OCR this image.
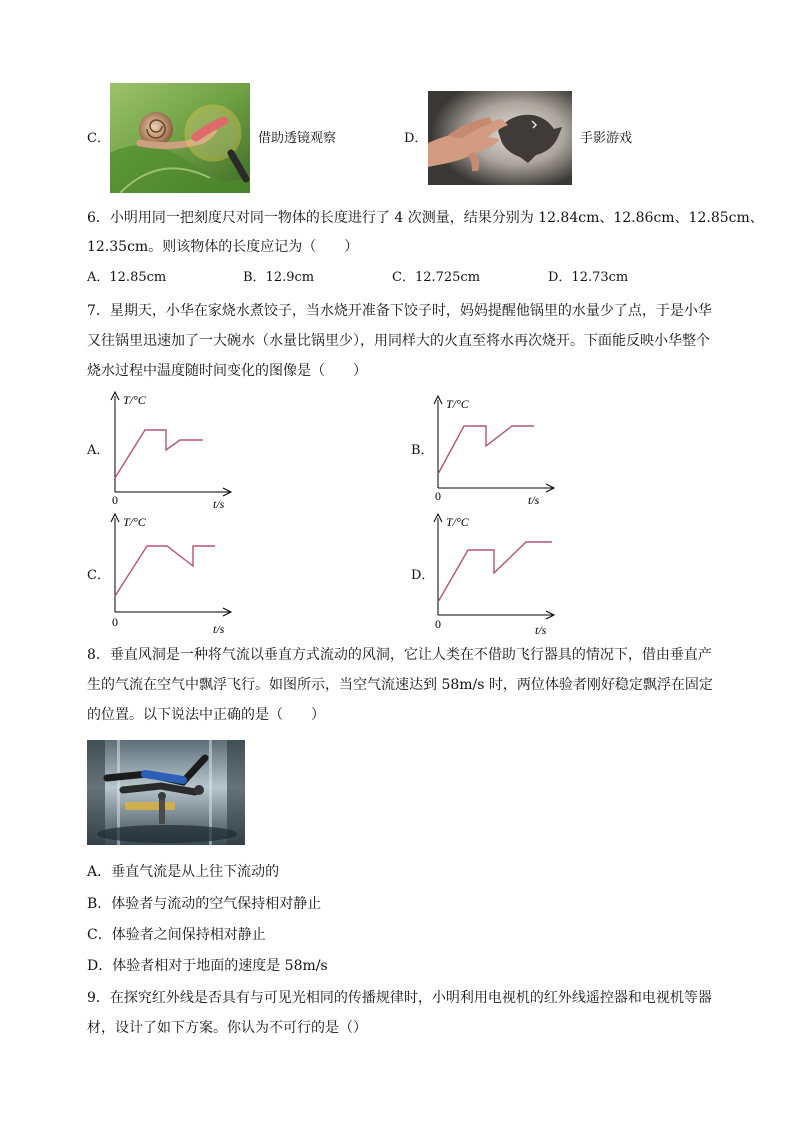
C．	借助透镜观察	D．	手影游戏
6．小明用同一把刻度尺对同一物体的长度进行了 4 次测量，结果分别为 12.84cm、12.86cm、12.85cm、
12.35cm。则该物体的长度应记为（　　）
A．12.85cm	B．12.9cm	C．12.725cm	D．12.73cm
7．星期天，小华在家烧水煮饺子，当水烧开准备下饺子时，妈妈提醒他锅里的水量少了点，于是小华
又往锅里迅速加了一大碗水（水量比锅里少），用同样大的火直至将水再次烧开。下面能反映小华整个
烧水过程中温度随时间变化的图像是（　　）
A．
T/°C
0	t/s
B．
T/°C
0	t/s
C．
T/°C
0	t/s
D．
T/°C
0	t/s
8．垂直风洞是一种将气流以垂直方式流动的风洞，它让人类在不借助飞行器具的情况下，借由垂直产
生的气流在空气中飘浮飞行。如图所示，当空气流速达到 58m/s 时，两位体验者刚好稳定飘浮在固定
的位置。以下说法中正确的是（　　）
A．垂直气流是从上往下流动的
B．体验者与流动的空气保持相对静止
C．体验者之间保持相对静止
D．体验者相对于地面的速度是 58m/s
9．在探究红外线是否具有与可见光相同的传播规律时，小明利用电视机的红外线遥控器和电视机等器
材，设计了如下方案。你认为不可行的是（）
